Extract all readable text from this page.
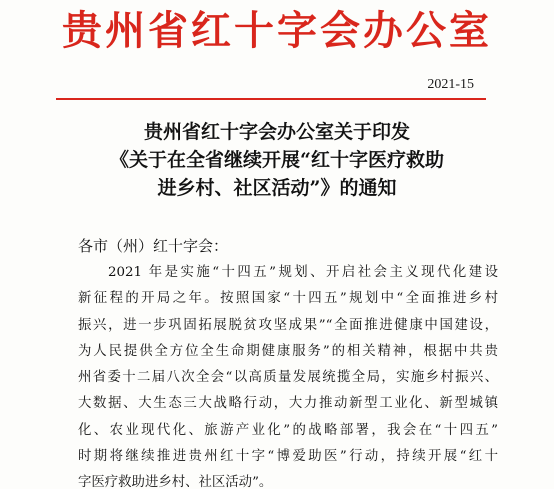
贵州省红十字会办公室
2021-15
贵州省红十字会办公室关于印发
《关于在全省继续开展“红十字医疗救助
进乡村、社区活动”》的通知
各市（州）红十字会：
2021 年是实施“十四五”规划、开启社会主义现代化建设
新征程的开局之年。按照国家“十四五”规划中“全面推进乡村
振兴，进一步巩固拓展脱贫攻坚成果”“全面推进健康中国建设，
为人民提供全方位全生命期健康服务”的相关精神，根据中共贵
州省委十二届八次全会“以高质量发展统揽全局，实施乡村振兴、
大数据、大生态三大战略行动，大力推动新型工业化、新型城镇
化、农业现代化、旅游产业化”的战略部署，我会在“十四五”
时期将继续推进贵州红十字“博爱助医”行动，持续开展“红十
字医疗救助进乡村、社区活动”。
